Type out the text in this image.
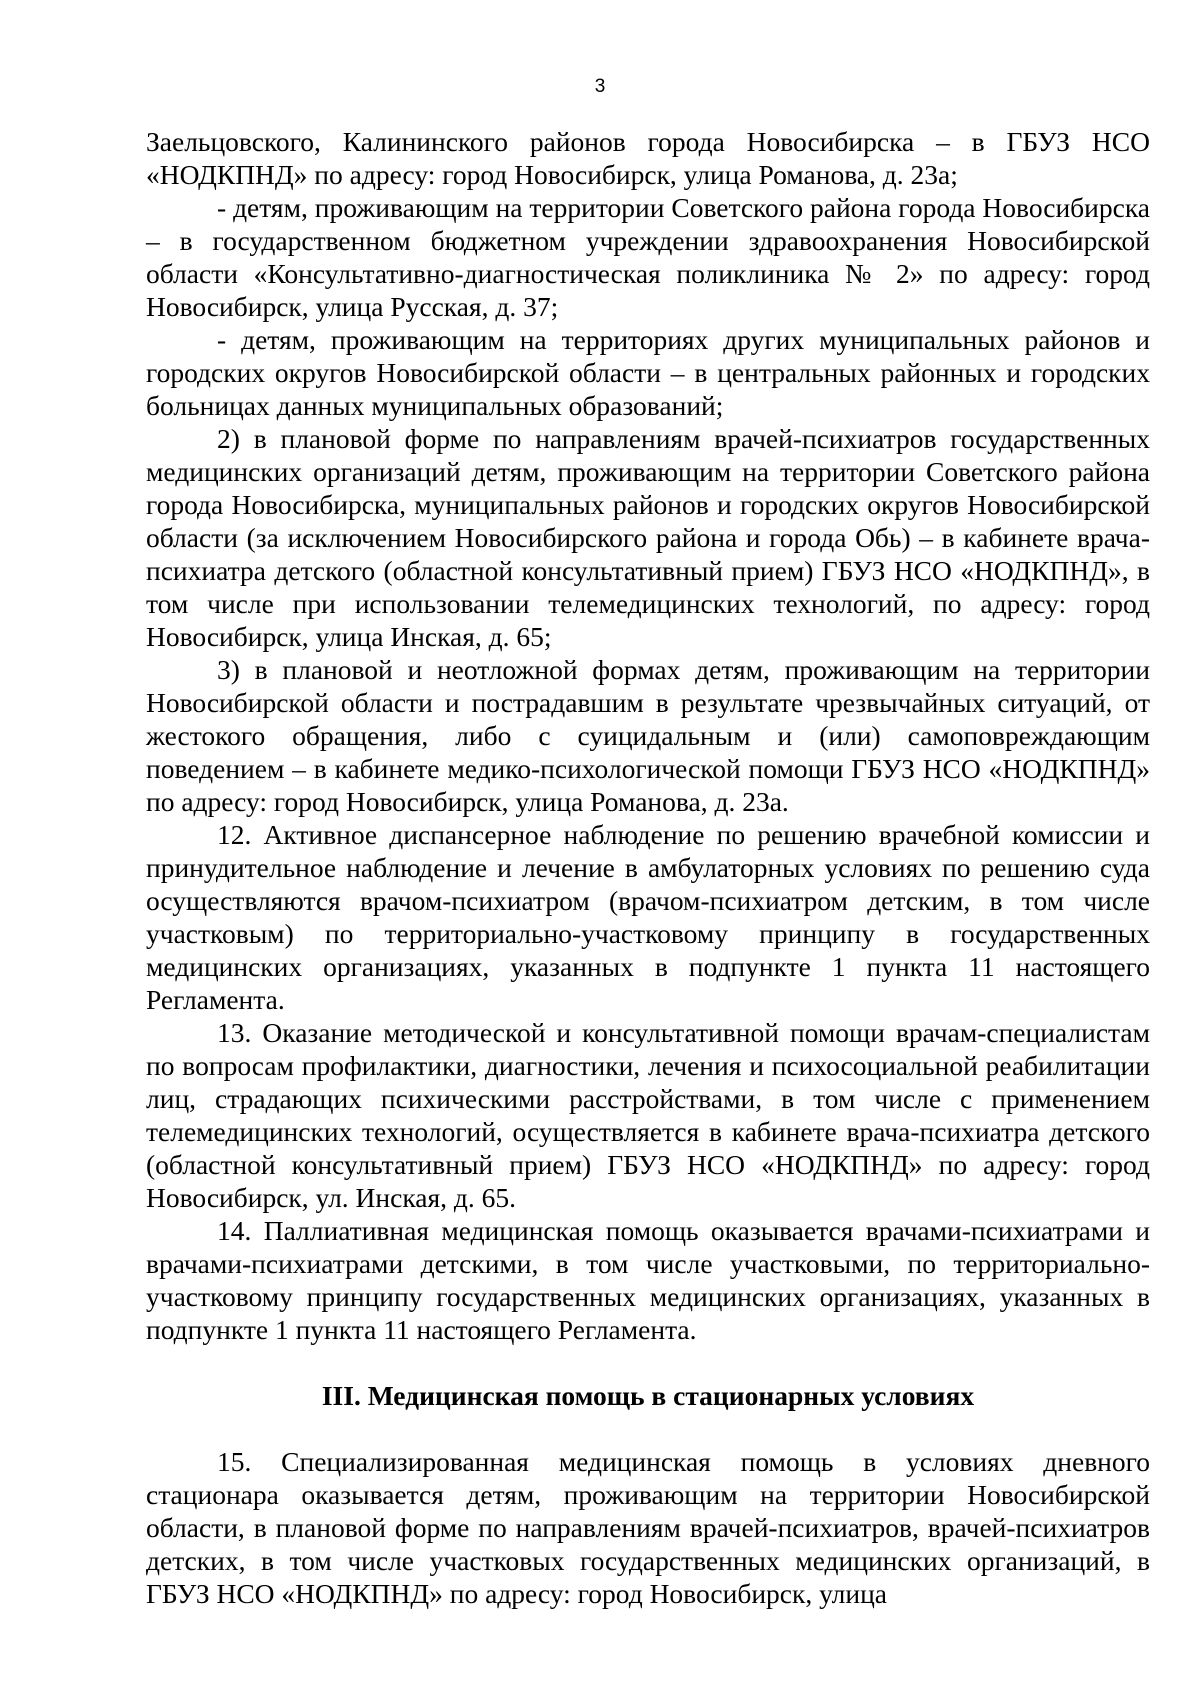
3

Заельцовского, Калининского районов города Новосибирска – в ГБУЗ НСО «НОДКПНД» по адресу: город Новосибирск, улица Романова, д. 23а;

- детям, проживающим на территории Советского района города Новосибирска – в государственном бюджетном учреждении здравоохранения Новосибирской области «Консультативно-диагностическая поликлиника № 2» по адресу: город Новосибирск, улица Русская, д. 37;

- детям, проживающим на территориях других муниципальных районов и городских округов Новосибирской области – в центральных районных и городских больницах данных муниципальных образований;

2) в плановой форме по направлениям врачей-психиатров государственных медицинских организаций детям, проживающим на территории Советского района города Новосибирска, муниципальных районов и городских округов Новосибирской области (за исключением Новосибирского района и города Обь) – в кабинете врача-психиатра детского (областной консультативный прием) ГБУЗ НСО «НОДКПНД», в том числе при использовании телемедицинских технологий, по адресу: город Новосибирск, улица Инская, д. 65;

3) в плановой и неотложной формах детям, проживающим на территории Новосибирской области и пострадавшим в результате чрезвычайных ситуаций, от жестокого обращения, либо с суицидальным и (или) самоповреждающим поведением – в кабинете медико-психологической помощи ГБУЗ НСО «НОДКПНД» по адресу: город Новосибирск, улица Романова, д. 23а.

12. Активное диспансерное наблюдение по решению врачебной комиссии и принудительное наблюдение и лечение в амбулаторных условиях по решению суда осуществляются врачом-психиатром (врачом-психиатром детским, в том числе участковым) по территориально-участковому принципу в государственных медицинских организациях, указанных в подпункте 1 пункта 11 настоящего Регламента.

13. Оказание методической и консультативной помощи врачам-специалистам по вопросам профилактики, диагностики, лечения и психосоциальной реабилитации лиц, страдающих психическими расстройствами, в том числе с применением телемедицинских технологий, осуществляется в кабинете врача-психиатра детского (областной консультативный прием) ГБУЗ НСО «НОДКПНД» по адресу: город Новосибирск, ул. Инская, д. 65.

14. Паллиативная медицинская помощь оказывается врачами-психиатрами и врачами-психиатрами детскими, в том числе участковыми, по территориально-участковому принципу государственных медицинских организациях, указанных в подпункте 1 пункта 11 настоящего Регламента.

III. Медицинская помощь в стационарных условиях

15. Специализированная медицинская помощь в условиях дневного стационара оказывается детям, проживающим на территории Новосибирской области, в плановой форме по направлениям врачей-психиатров, врачей-психиатров детских, в том числе участковых государственных медицинских организаций, в ГБУЗ НСО «НОДКПНД» по адресу: город Новосибирск, улица
